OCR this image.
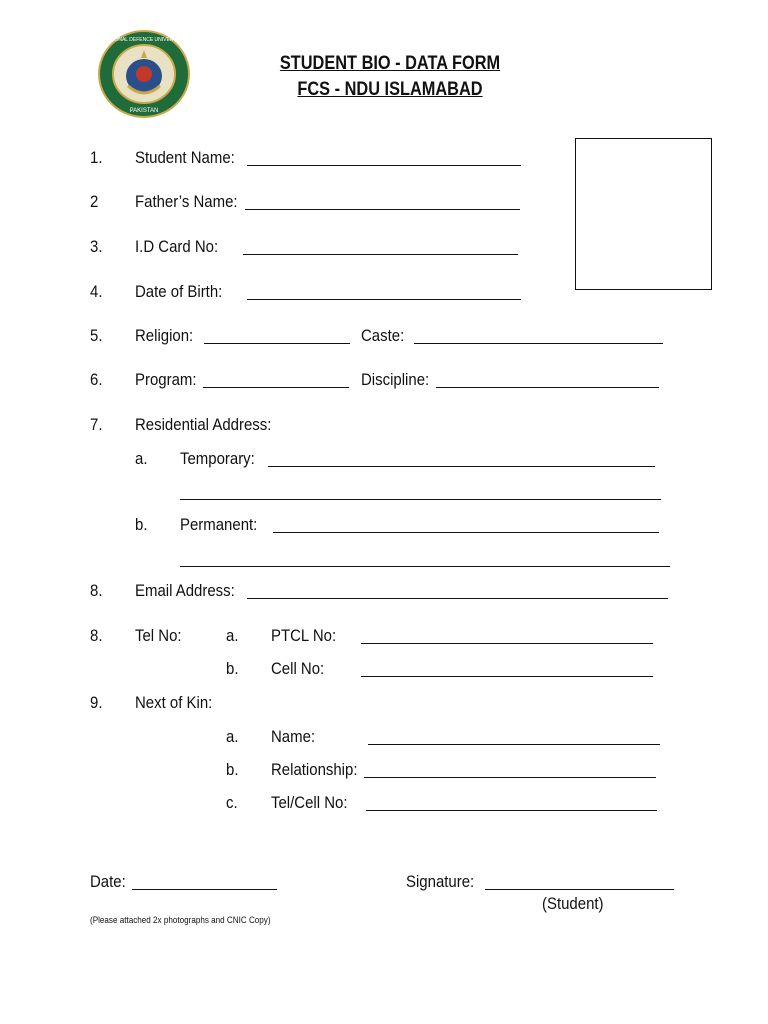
PAKISTAN
NATIONAL DEFENCE UNIVERSITY
STUDENT BIO - DATA FORM
FCS - NDU ISLAMABAD
1. Student Name:
2 Father’s Name:
3. I.D Card No:
4. Date of Birth:
5. Religion:	Caste:
6. Program:	Discipline:
7. Residential Address:
a. Temporary:
b. Permanent:
8. Email Address:
8. Tel No:	a. PTCL No:
b. Cell No:
9. Next of Kin:
a. Name:
b. Relationship:
c. Tel/Cell No:
Date:	Signature:
(Student)
(Please attached 2x photographs and CNIC Copy)
